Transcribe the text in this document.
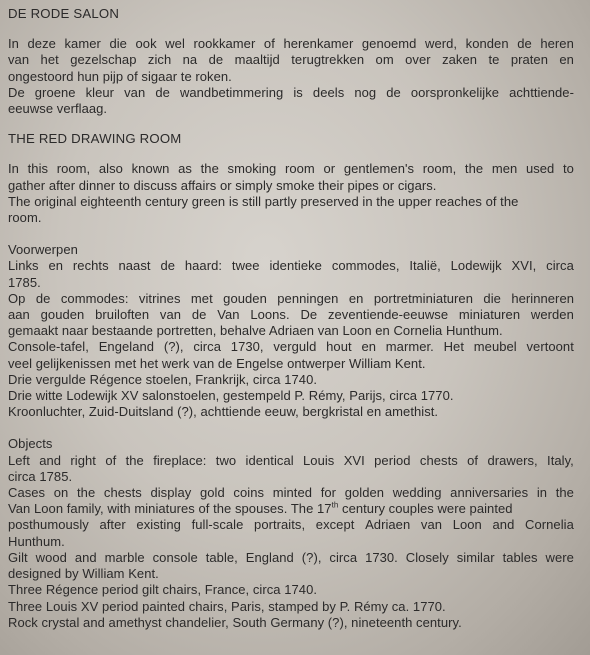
DE RODE SALON
In deze kamer die ook wel rookkamer of herenkamer genoemd werd, konden de heren
van het gezelschap zich na de maaltijd terugtrekken om over zaken te praten en
ongestoord hun pijp of sigaar te roken.
De groene kleur van de wandbetimmering is deels nog de oorspronkelijke achttiende-
eeuwse verflaag.
THE RED DRAWING ROOM
In this room, also known as the smoking room or gentlemen's room, the men used to
gather after dinner to discuss affairs or simply smoke their pipes or cigars.
The original eighteenth century green is still partly preserved in the upper reaches of the
room.
Voorwerpen
Links en rechts naast de haard: twee identieke commodes, Italië, Lodewijk XVI, circa
1785.
Op de commodes: vitrines met gouden penningen en portretminiaturen die herinneren
aan gouden bruiloften van de Van Loons. De zeventiende-eeuwse miniaturen werden
gemaakt naar bestaande portretten, behalve Adriaen van Loon en Cornelia Hunthum.
Console-tafel, Engeland (?), circa 1730, verguld hout en marmer. Het meubel vertoont
veel gelijkenissen met het werk van de Engelse ontwerper William Kent.
Drie vergulde Régence stoelen, Frankrijk, circa 1740.
Drie witte Lodewijk XV salonstoelen, gestempeld P. Rémy, Parijs, circa 1770.
Kroonluchter, Zuid-Duitsland (?), achttiende eeuw, bergkristal en amethist.
Objects
Left and right of the fireplace: two identical Louis XVI period chests of drawers, Italy,
circa 1785.
Cases on the chests display gold coins minted for golden wedding anniversaries in the
Van Loon family, with miniatures of the spouses. The 17th century couples were painted
posthumously after existing full-scale portraits, except Adriaen van Loon and Cornelia
Hunthum.
Gilt wood and marble console table, England (?), circa 1730. Closely similar tables were
designed by William Kent.
Three Régence period gilt chairs, France, circa 1740.
Three Louis XV period painted chairs, Paris, stamped by P. Rémy ca. 1770.
Rock crystal and amethyst chandelier, South Germany (?), nineteenth century.
